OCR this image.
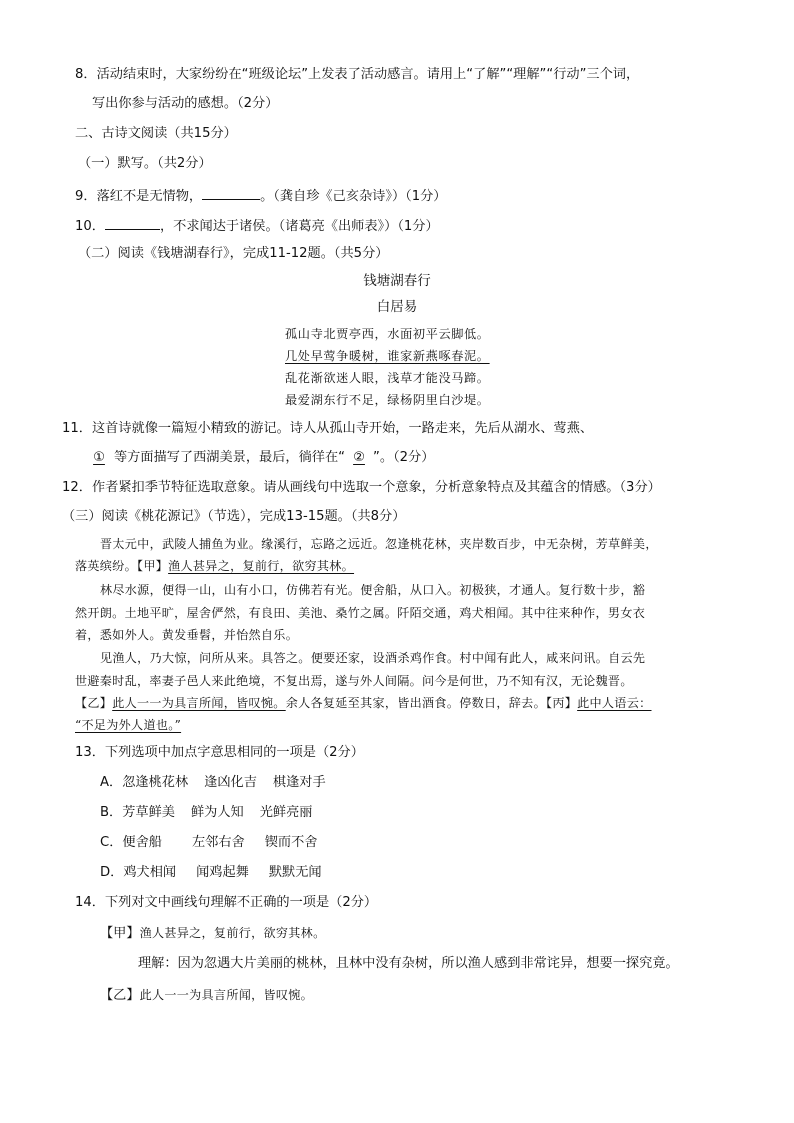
8．活动结束时，大家纷纷在“班级论坛”上发表了活动感言。请用上“了解”“理解”“行动”三个词，
写出你参与活动的感想。（2分）
二、古诗文阅读（共15分）
（一）默写。（共2分）
9．落红不是无情物，	。（龚自珍《己亥杂诗》）（1分）
10．	，不求闻达于诸侯。（诸葛亮《出师表》）（1分）
（二）阅读《钱塘湖春行》，完成11-12题。（共5分）
钱塘湖春行
白居易
孤山寺北贾亭西，水面初平云脚低。
几处早莺争暖树，谁家新燕啄春泥。
乱花渐欲迷人眼，浅草才能没马蹄。
最爱湖东行不足，绿杨阴里白沙堤。
11．这首诗就像一篇短小精致的游记。诗人从孤山寺开始，一路走来，先后从湖水、莺燕、
① 等方面描写了西湖美景，最后，徜徉在“ ② ”。（2分）
12．作者紧扣季节特征选取意象。请从画线句中选取一个意象，分析意象特点及其蕴含的情感。（3分）
（三）阅读《桃花源记》（节选），完成13-15题。（共8分）
晋太元中，武陵人捕鱼为业。缘溪行，忘路之远近。忽逢桃花林，夹岸数百步，中无杂树，芳草鲜美，
落英缤纷。【甲】渔人甚异之，复前行，欲穷其林。
林尽水源，便得一山，山有小口，仿佛若有光。便舍船，从口入。初极狭，才通人。复行数十步，豁
然开朗。土地平旷，屋舍俨然，有良田、美池、桑竹之属。阡陌交通，鸡犬相闻。其中往来种作，男女衣
着，悉如外人。黄发垂髫，并怡然自乐。
见渔人，乃大惊，问所从来。具答之。便要还家，设酒杀鸡作食。村中闻有此人，咸来问讯。自云先
世避秦时乱，率妻子邑人来此绝境，不复出焉，遂与外人间隔。问今是何世，乃不知有汉，无论魏晋。
【乙】此人一一为具言所闻，皆叹惋。余人各复延至其家，皆出酒食。停数日，辞去。【丙】此中人语云：
“不足为外人道也。”
13．下列选项中加点字意思相同的一项是（2分）
A．忽逢桃花林 逢凶化吉 棋逢对手
B．芳草鲜美 鲜为人知 光鲜亮丽
C．便舍船 左邻右舍 锲而不舍
D．鸡犬相闻 闻鸡起舞 默默无闻
14．下列对文中画线句理解不正确的一项是（2分）
【甲】渔人甚异之，复前行，欲穷其林。
理解：因为忽遇大片美丽的桃林，且林中没有杂树，所以渔人感到非常诧异，想要一探究竟。
【乙】此人一一为具言所闻，皆叹惋。
